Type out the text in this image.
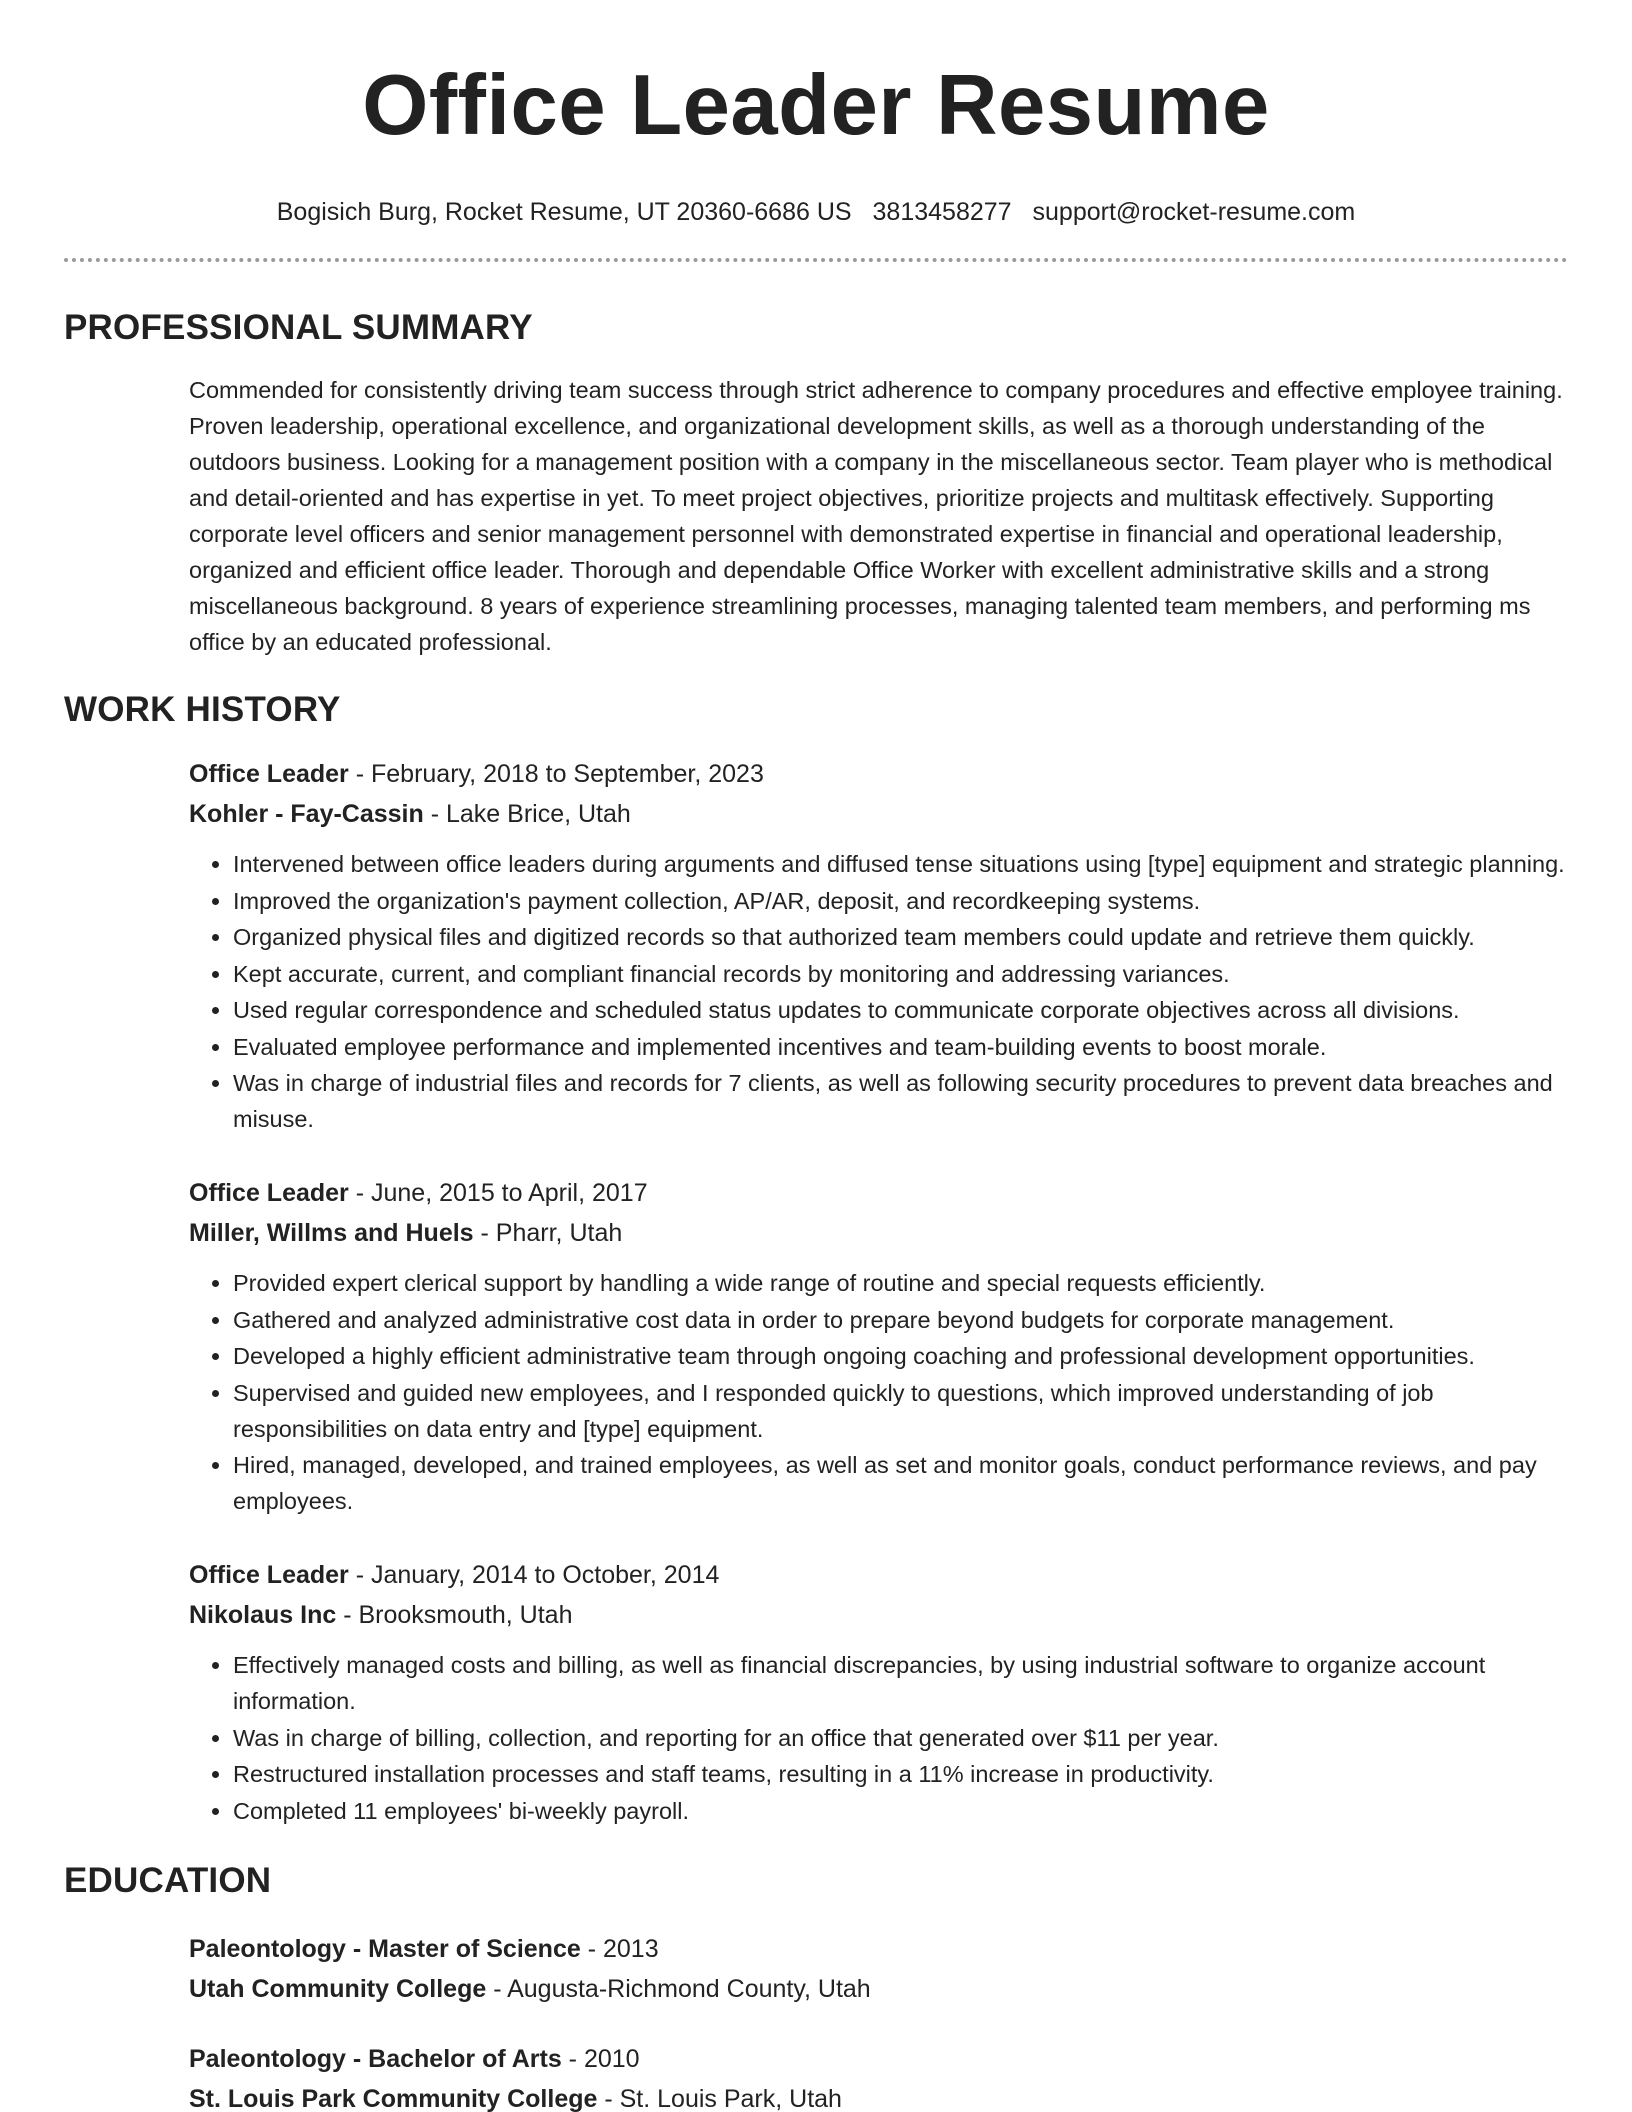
Office Leader Resume
Bogisich Burg, Rocket Resume, UT 20360-6686 US 3813458277 support@rocket-resume.com
PROFESSIONAL SUMMARY
Commended for consistently driving team success through strict adherence to company procedures and effective employee training. Proven leadership, operational excellence, and organizational development skills, as well as a thorough understanding of the outdoors business. Looking for a management position with a company in the miscellaneous sector. Team player who is methodical and detail-oriented and has expertise in yet. To meet project objectives, prioritize projects and multitask effectively. Supporting corporate level officers and senior management personnel with demonstrated expertise in financial and operational leadership, organized and efficient office leader. Thorough and dependable Office Worker with excellent administrative skills and a strong miscellaneous background. 8 years of experience streamlining processes, managing talented team members, and performing ms office by an educated professional.
WORK HISTORY
Office Leader - February, 2018 to September, 2023
Kohler - Fay-Cassin - Lake Brice, Utah
• Intervened between office leaders during arguments and diffused tense situations using [type] equipment and strategic planning.
• Improved the organization's payment collection, AP/AR, deposit, and recordkeeping systems.
• Organized physical files and digitized records so that authorized team members could update and retrieve them quickly.
• Kept accurate, current, and compliant financial records by monitoring and addressing variances.
• Used regular correspondence and scheduled status updates to communicate corporate objectives across all divisions.
• Evaluated employee performance and implemented incentives and team-building events to boost morale.
• Was in charge of industrial files and records for 7 clients, as well as following security procedures to prevent data breaches and misuse.
Office Leader - June, 2015 to April, 2017
Miller, Willms and Huels - Pharr, Utah
• Provided expert clerical support by handling a wide range of routine and special requests efficiently.
• Gathered and analyzed administrative cost data in order to prepare beyond budgets for corporate management.
• Developed a highly efficient administrative team through ongoing coaching and professional development opportunities.
• Supervised and guided new employees, and I responded quickly to questions, which improved understanding of job responsibilities on data entry and [type] equipment.
• Hired, managed, developed, and trained employees, as well as set and monitor goals, conduct performance reviews, and pay employees.
Office Leader - January, 2014 to October, 2014
Nikolaus Inc - Brooksmouth, Utah
• Effectively managed costs and billing, as well as financial discrepancies, by using industrial software to organize account information.
• Was in charge of billing, collection, and reporting for an office that generated over $11 per year.
• Restructured installation processes and staff teams, resulting in a 11% increase in productivity.
• Completed 11 employees' bi-weekly payroll.
EDUCATION
Paleontology - Master of Science - 2013
Utah Community College - Augusta-Richmond County, Utah
Paleontology - Bachelor of Arts - 2010
St. Louis Park Community College - St. Louis Park, Utah
